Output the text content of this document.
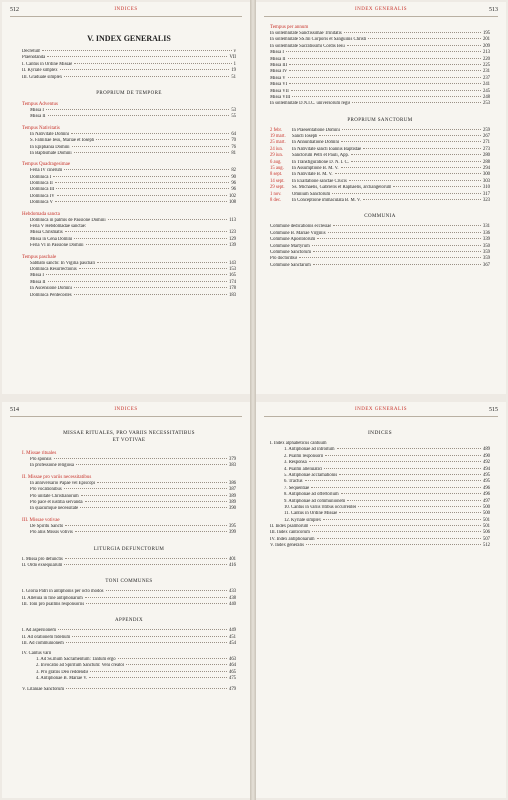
512	INDICES
V. INDEX GENERALIS
Decretum	v
Praenotanda	VII
I. Cantus in Ordine Missae	1
II. Kyriale simplex	19
III. Graduale simplex	51
PROPRIUM DE TEMPORE
Tempus Adventus
Missa I	53
Missa II	55
Tempus Nativitatis
In Nativitate Domini	64
S. Familiae Iesu, Mariae et Ioseph	70
In Epiphania Domini	76
In Baptismate Domini	81
Tempus Quadragesimae
Feria IV cinerum	82
Dominica I	90
Dominica II	96
Dominica III	96
Dominica IV	102
Dominica V	108
Hebdomada sancta
Dominica in palmis de Passione Domini	113
Feria V Hebdomadae sanctae:
Missa Chrismatis	123
Missa in Cena Domini	129
Feria VI in Passione Domini	139
Tempus paschale
Sabbato sancto: In Vigilia paschali	143
Dominica Resurrectionis	153
Missa I	165
Missa II	174
In Ascensione Domini	178
Dominica Pentecostes	183
INDEX GENERALIS	513
Tempus per annum
In sollemnitate Sanctissimae Trinitatis	195
In sollemnitate SS.mi Corporis et Sanguinis Christi	201
In sollemnitate Sacratissimi Cordis Iesu	209
Missa I	213
Missa II	220
Missa III	225
Missa IV	231
Missa V	237
Missa VI	241
Missa VII	245
Missa VIII	248
In sollemnitate D.N.I.C. universorum regis	253
PROPRIUM SANCTORUM
2 febr.	In Praesentatione Domini	259
19 mart.	Sancti Ioseph	267
25 mart.	In Annuntiatione Domini	271
24 iun.	In Nativitate sancti Ioannis Baptistae	273
29 iun.	Sanctorum Petri et Pauli, App.	280
6 aug.	In Transfiguratione D. N. I. C.	288
15 aug.	In Assumptione B. M. V.	294
8 sept.	In Nativitate B. M. V.	300
14 sept.	In Exaltatione sanctae Crucis	303
29 sept.	Ss. Michaelis, Gabrielis et Raphaelis, archangelorum	310
1 nov.	Omnium Sanctorum	317
8 dec.	In Conceptione immaculata B. M. V.	323
COMMUNIA
Commune dedicationis ecclesiae	331
Commune B. Mariae Virginis	336
Commune Apostolorum	339
Commune Martyrum	350
Commune Sanctorum	359
Pro doctoribus	359
Commune Sanctarum	367
514	INDICES
MISSAE RITUALES, PRO VARIIS NECESSITATIBUS
ET VOTIVAE
I. Missae rituales
Pro sponsis	379
In professione religiosa	383
II. Missae pro variis necessitatibus
In anniversario Papae vel Episcopi	386
Pro vocationibus	387
Pro unitate Christianorum	389
Pro pace et iustitia servanda	389
In quacumque necessitate	390
III. Missae votivae
De Spiritu Sancto	395
Pro aliis Missis votivis	399
LITURGIA DEFUNCTORUM
I. Missa pro defunctis	401
II. Ordo exsequiarum	416
TONI COMMUNES
I. Gloria Patri in antiphonis per octo modos	433
II. Alleluia in fine antiphonarum	438
III. Toni pro psalmis responsoriis	440
APPENDIX
I. Ad aspersionem	449
II. Ad orationem fidelium	451
III. Ad communionem	454
IV. Cantus varii
1. Ad Ss.mum Sacramentum: Tantum ergo	463
2. Invocatio ad Spiritum Sanctum: Veni creator	464
3. Pro gratiis Deo reddendis	465
4. Antiphonae B. Mariae V.	475
V. Litaniae Sanctorum	479
INDEX GENERALIS	515
INDICES
I. Index alphabeticus cantuum
1. Antiphonae ad introitum	489
2. Psalmi responsorii	490
3. Responsa	492
4. Psalmi alleluiatici	494
5. Antiphonae acclamationis	495
6. Tractus	495
7. Sequentiae	496
8. Antiphonae ad offertorium	496
9. Antiphonae ad communionem	497
10. Cantus in variis ritibus occurrentes	500
11. Cantus in Ordine Missae	500
12. Kyriale simplex	501
II. Index psalmorum	501
III. Index canticorum	506
IV. Index antiphonarum	507
V. Index generalis	512
